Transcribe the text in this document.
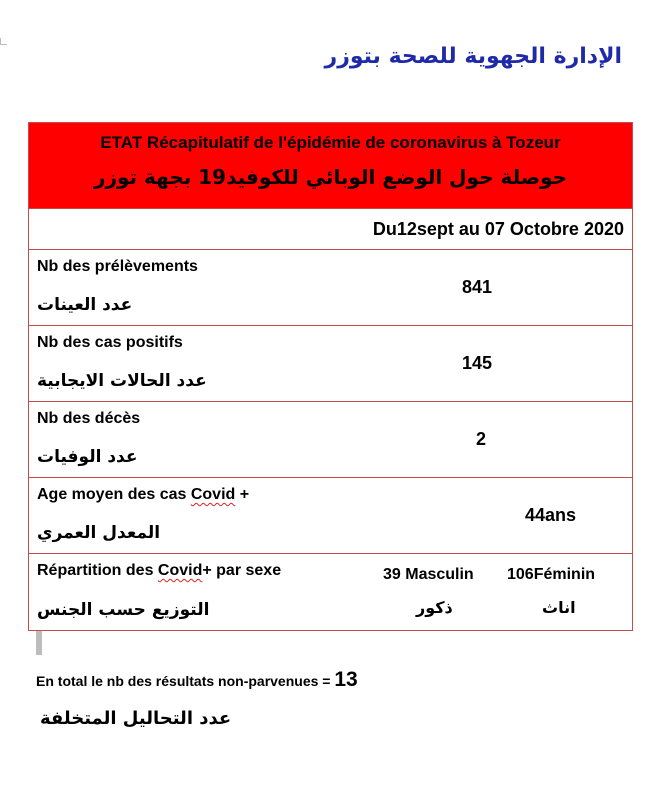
الإدارة الجهوية للصحة بتوزر
ETAT Récapitulatif de l'épidémie de coronavirus à Tozeur
حوصلة حول الوضع الوبائي للكوفيد19 بجهة توزر
Du12sept au 07 Octobre 2020
Nb des prélèvements
عدد العينات
841
Nb des cas positifs
عدد الحالات الايجابية
145
Nb des décès
عدد الوفيات
2
Age moyen des cas Covid +
المعدل العمري
44ans
Répartition des Covid+ par sexe
التوزيع حسب الجنس
39 Masculin 106Féminin
ذكور	اناث
En total le nb des résultats non-parvenues = 13
عدد التحاليل المتخلفة
